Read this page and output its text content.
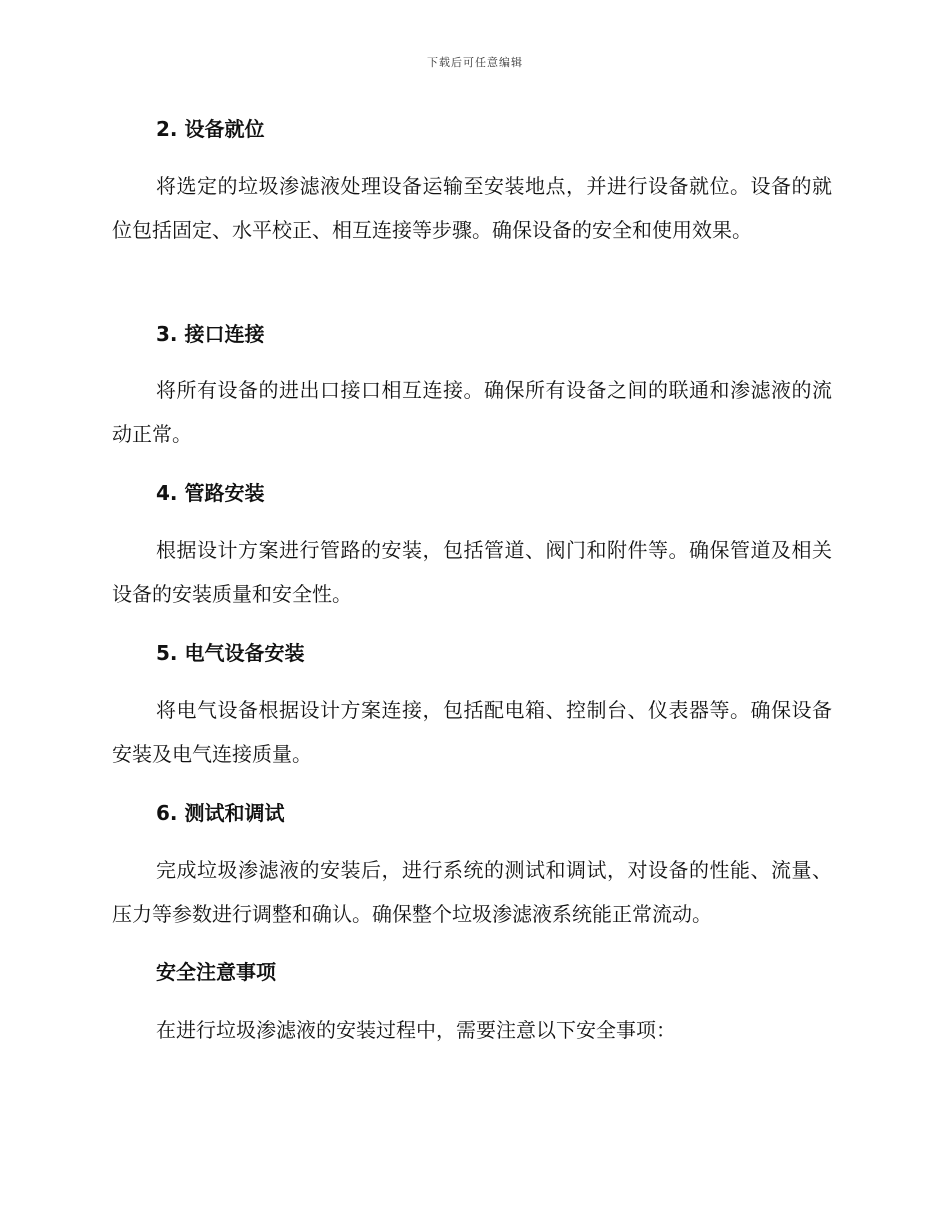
下载后可任意编辑
2. 设备就位
将选定的垃圾渗滤液处理设备运输至安装地点，并进行设备就位。设备的就位包括固定、水平校正、相互连接等步骤。确保设备的安全和使用效果。
3. 接口连接
将所有设备的进出口接口相互连接。确保所有设备之间的联通和渗滤液的流动正常。
4. 管路安装
根据设计方案进行管路的安装，包括管道、阀门和附件等。确保管道及相关设备的安装质量和安全性。
5. 电气设备安装
将电气设备根据设计方案连接，包括配电箱、控制台、仪表器等。确保设备安装及电气连接质量。
6. 测试和调试
完成垃圾渗滤液的安装后，进行系统的测试和调试，对设备的性能、流量、压力等参数进行调整和确认。确保整个垃圾渗滤液系统能正常流动。
安全注意事项
在进行垃圾渗滤液的安装过程中，需要注意以下安全事项：
